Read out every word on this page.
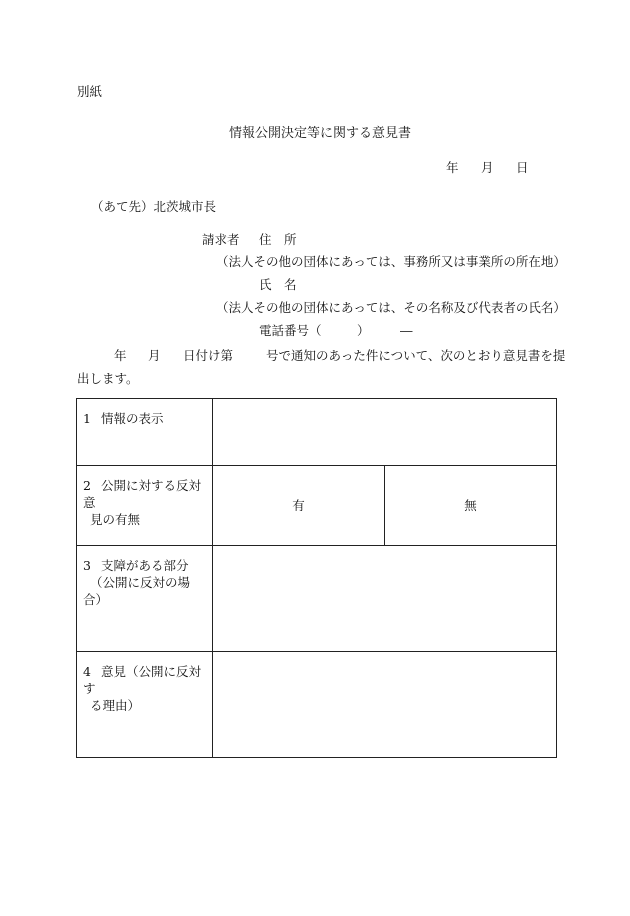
別紙
情報公開決定等に関する意見書
年 月 日
（あて先）北茨城市長
請求者 住　所
（法人その他の団体にあっては、事務所又は事業所の所在地）
氏　名
（法人その他の団体にあっては、その名称及び代表者の氏名）
電話番号（	） ―
年 月 日付け第	号で通知のあった件について、次のとおり意見書を提
出します。
1 情報の表示		
2 公開に対する反対意
見の有無	有	無
3 支障がある部分
（公開に反対の場合）		
4 意見（公開に反対す
る理由）		
